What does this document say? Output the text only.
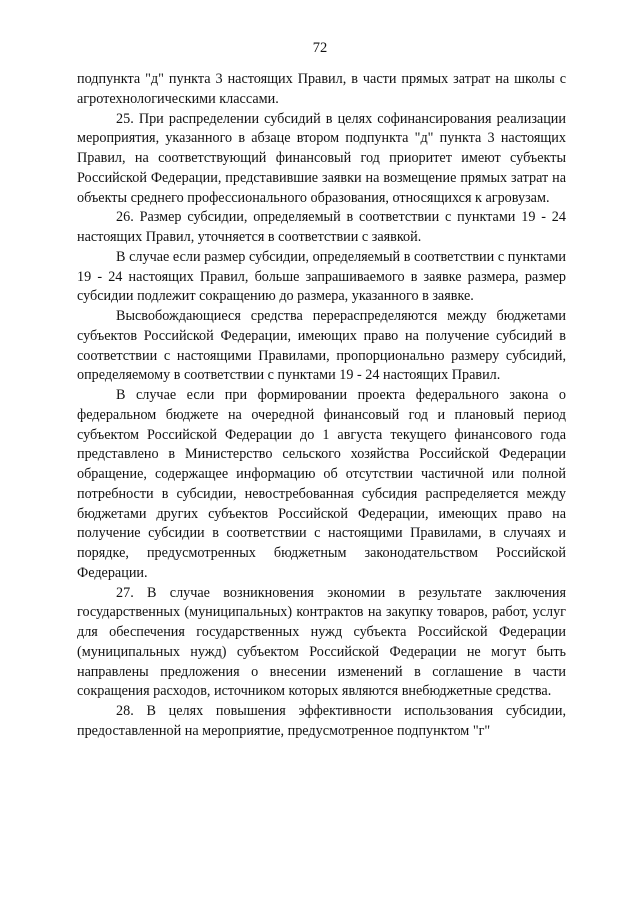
72

подпункта "д" пункта 3 настоящих Правил, в части прямых затрат на школы с агротехнологическими классами.

25. При распределении субсидий в целях софинансирования реализации мероприятия, указанного в абзаце втором подпункта "д" пункта 3 настоящих Правил, на соответствующий финансовый год приоритет имеют субъекты Российской Федерации, представившие заявки на возмещение прямых затрат на объекты среднего профессионального образования, относящихся к агровузам.

26. Размер субсидии, определяемый в соответствии с пунктами 19 - 24 настоящих Правил, уточняется в соответствии с заявкой.

В случае если размер субсидии, определяемый в соответствии с пунктами 19 - 24 настоящих Правил, больше запрашиваемого в заявке размера, размер субсидии подлежит сокращению до размера, указанного в заявке.

Высвобождающиеся средства перераспределяются между бюджетами субъектов Российской Федерации, имеющих право на получение субсидий в соответствии с настоящими Правилами, пропорционально размеру субсидий, определяемому в соответствии с пунктами 19 - 24 настоящих Правил.

В случае если при формировании проекта федерального закона о федеральном бюджете на очередной финансовый год и плановый период субъектом Российской Федерации до 1 августа текущего финансового года представлено в Министерство сельского хозяйства Российской Федерации обращение, содержащее информацию об отсутствии частичной или полной потребности в субсидии, невостребованная субсидия распределяется между бюджетами других субъектов Российской Федерации, имеющих право на получение субсидии в соответствии с настоящими Правилами, в случаях и порядке, предусмотренных бюджетным законодательством Российской Федерации.

27. В случае возникновения экономии в результате заключения государственных (муниципальных) контрактов на закупку товаров, работ, услуг для обеспечения государственных нужд субъекта Российской Федерации (муниципальных нужд) субъектом Российской Федерации не могут быть направлены предложения о внесении изменений в соглашение в части сокращения расходов, источником которых являются внебюджетные средства.

28. В целях повышения эффективности использования субсидии, предоставленной на мероприятие, предусмотренное подпунктом "г"
